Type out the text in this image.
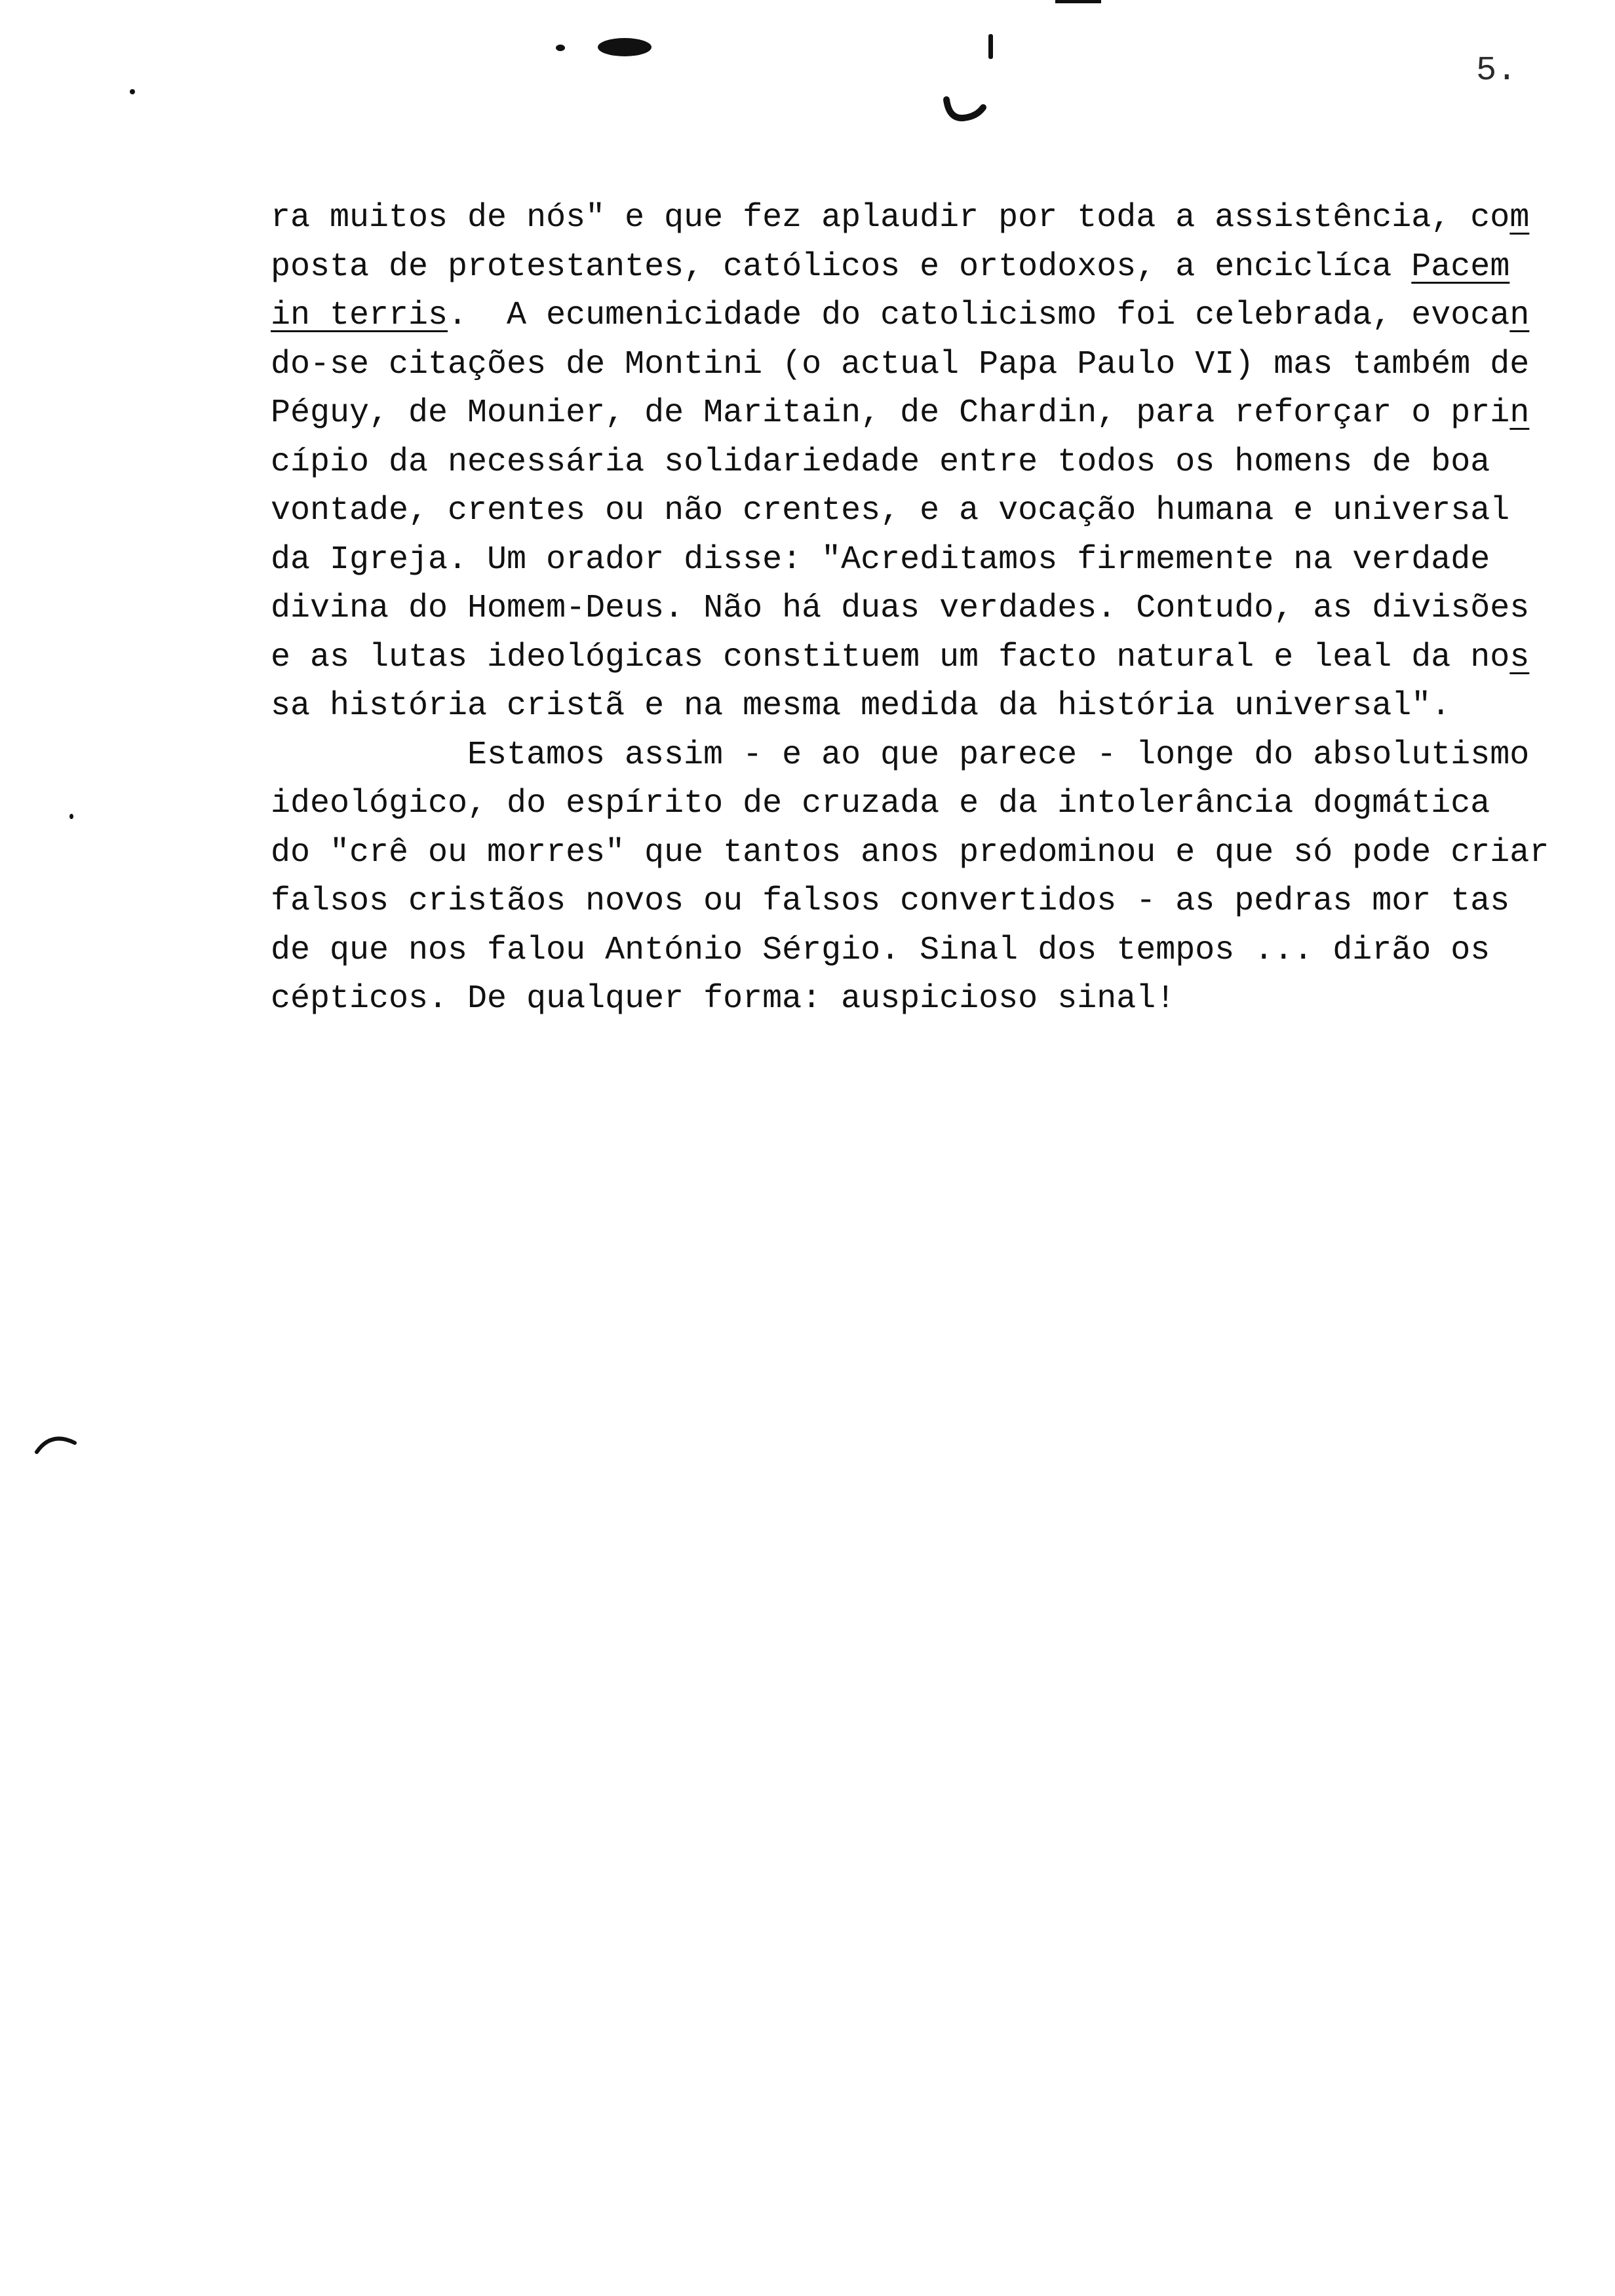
5.
ra muitos de nós" e que fez aplaudir por toda a assistência, com
posta de protestantes, católicos e ortodoxos, a enciclíca Pacem
in terris.  A ecumenicidade do catolicismo foi celebrada, evocan
do-se citações de Montini (o actual Papa Paulo VI) mas também de
Péguy, de Mounier, de Maritain, de Chardin, para reforçar o prin
cípio da necessária solidariedade entre todos os homens de boa
vontade, crentes ou não crentes, e a vocação humana e universal
da Igreja. Um orador disse: "Acreditamos firmemente na verdade
divina do Homem-Deus. Não há duas verdades. Contudo, as divisões
e as lutas ideológicas constituem um facto natural e leal da nos
sa história cristã e na mesma medida da história universal".
Estamos assim - e ao que parece - longe do absolutismo
ideológico, do espírito de cruzada e da intolerância dogmática
do "crê ou morres" que tantos anos predominou e que só pode criar
falsos cristãos novos ou falsos convertidos - as pedras mor tas
de que nos falou António Sérgio. Sinal dos tempos ... dirão os
cépticos. De qualquer forma: auspicioso sinal!
